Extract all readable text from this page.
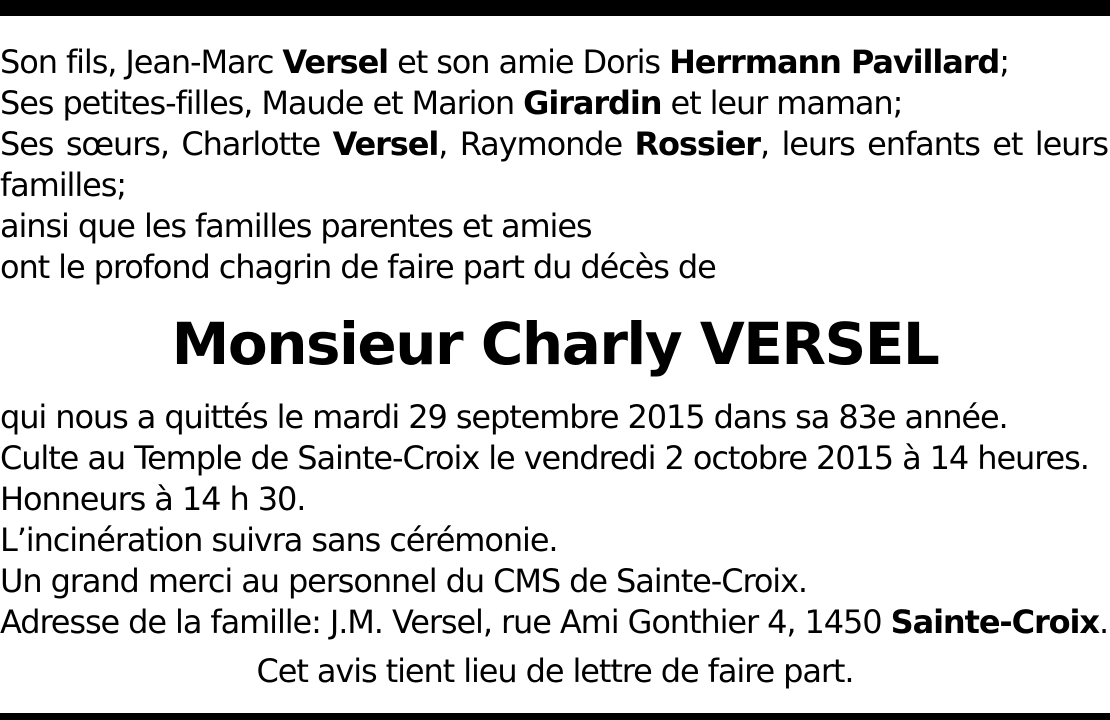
Son fils, Jean-Marc Versel et son amie Doris Herrmann Pavillard;
Ses petites-filles, Maude et Marion Girardin et leur maman;
Ses sœurs, Charlotte Versel, Raymonde Rossier, leurs enfants et leurs
familles;
ainsi que les familles parentes et amies
ont le profond chagrin de faire part du décès de
Monsieur Charly VERSEL
qui nous a quittés le mardi 29 septembre 2015 dans sa 83e année.
Culte au Temple de Sainte-Croix le vendredi 2 octobre 2015 à 14 heures.
Honneurs à 14 h 30.
L’incinération suivra sans cérémonie.
Un grand merci au personnel du CMS de Sainte-Croix.
Adresse de la famille: J.M. Versel, rue Ami Gonthier 4, 1450 Sainte-Croix.
Cet avis tient lieu de lettre de faire part.
